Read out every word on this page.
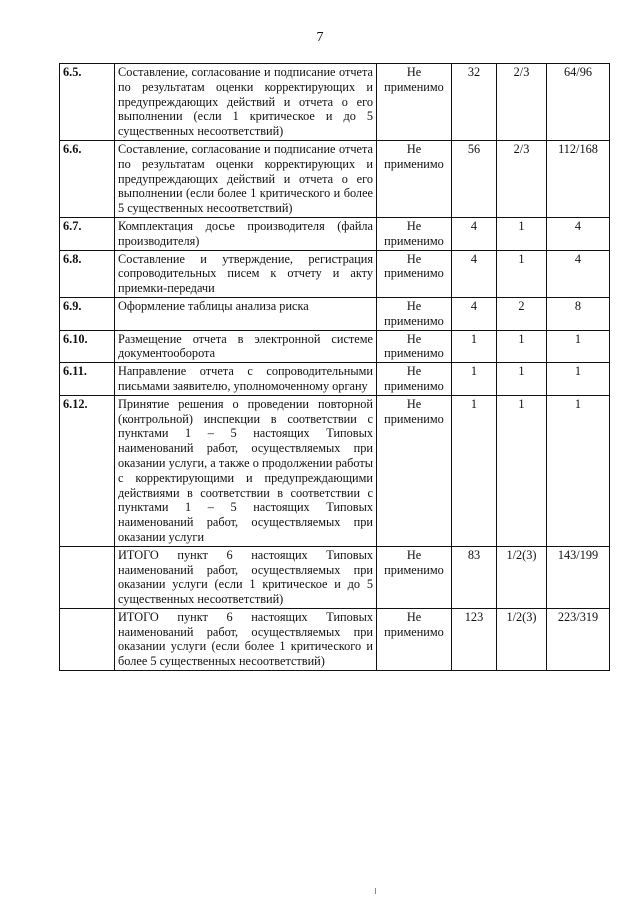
7
6.5.	Составление, согласование и подписание отчета по результатам оценки корректирующих и предупреждающих действий и отчета о его выполнении (если 1 критическое и до 5 существенных несоответствий)	Не применимо	32	2/3	64/96
6.6.	Составление, согласование и подписание отчета по результатам оценки корректирующих и предупреждающих действий и отчета о его выполнении (если более 1 критического и более 5 существенных несоответствий)	Не применимо	56	2/3	112/168
6.7.	Комплектация досье производителя (файла производителя)	Не применимо	4	1	4
6.8.	Составление и утверждение, регистрация сопроводительных писем к отчету и акту приемки-передачи	Не применимо	4	1	4
6.9.	Оформление таблицы анализа риска	Не применимо	4	2	8
6.10.	Размещение отчета в электронной системе документооборота	Не применимо	1	1	1
6.11.	Направление отчета с сопроводительными письмами заявителю, уполномоченному органу	Не применимо	1	1	1
6.12.	Принятие решения о проведении повторной (контрольной) инспекции в соответствии с пунктами 1 – 5 настоящих Типовых наименований работ, осуществляемых при оказании услуги, а также о продолжении работы с корректирующими и предупреждающими действиями в соответствии в соответствии с пунктами 1 – 5 настоящих Типовых наименований работ, осуществляемых при оказании услуги	Не применимо	1	1	1
	ИТОГО пункт 6 настоящих Типовых наименований работ, осуществляемых при оказании услуги (если 1 критическое и до 5 существенных несоответствий)	Не применимо	83	1/2(3)	143/199
	ИТОГО пункт 6 настоящих Типовых наименований работ, осуществляемых при оказании услуги (если более 1 критического и более 5 существенных несоответствий)	Не применимо	123	1/2(3)	223/319
